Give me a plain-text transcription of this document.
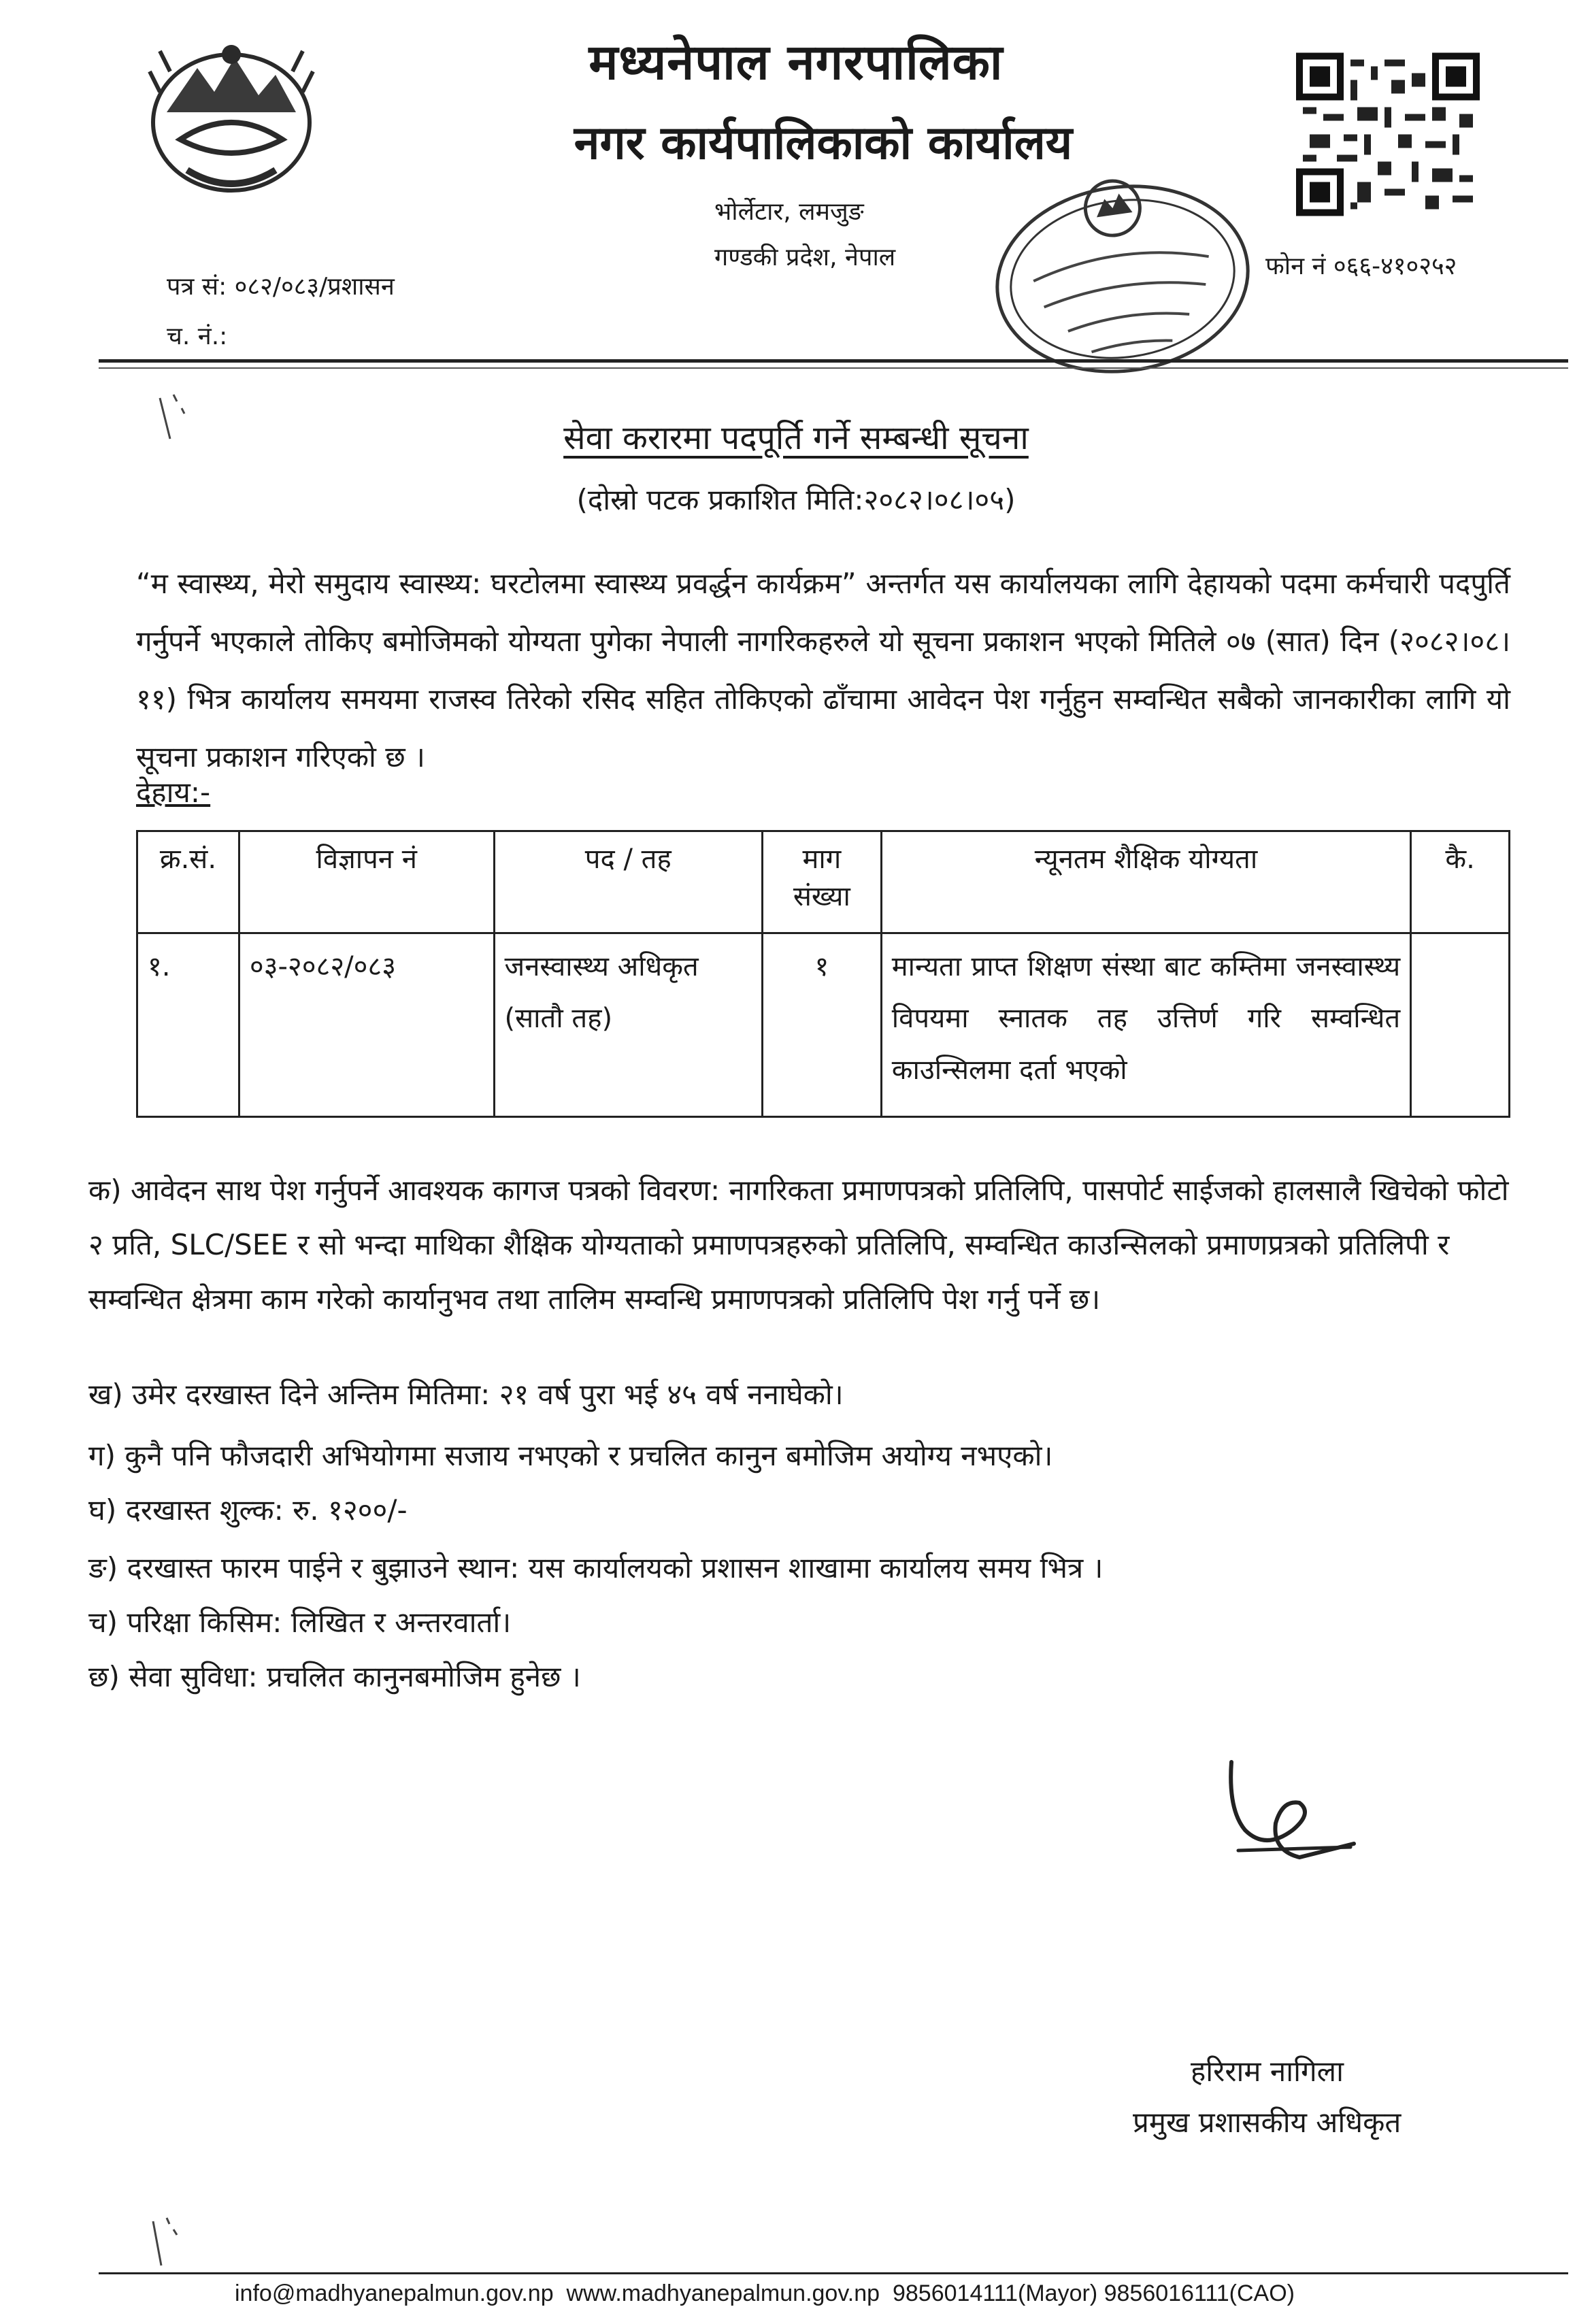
मध्यनेपाल नगरपालिका
नगर कार्यपालिकाको कार्यालय
भोर्लेटार, लमजुङ
गण्डकी प्रदेश, नेपाल
पत्र सं: ०८२/०८३/प्रशासन
च. नं.:
फोन नं ०६६-४१०२५२
सेवा करारमा पदपूर्ति गर्ने सम्बन्धी सूचना
(दोस्रो पटक प्रकाशित मिति:२०८२।०८।०५)
“म स्वास्थ्य, मेरो समुदाय स्वास्थ्य: घरटोलमा स्वास्थ्य प्रवर्द्धन कार्यक्रम” अन्तर्गत यस कार्यालयका लागि देहायको पदमा कर्मचारी पदपुर्ति गर्नुपर्ने भएकाले तोकिए बमोजिमको योग्यता पुगेका नेपाली नागरिकहरुले यो सूचना प्रकाशन भएको मितिले ०७ (सात) दिन (२०८२।०८।११) भित्र कार्यालय समयमा राजस्व तिरेको रसिद सहित तोकिएको ढाँचामा आवेदन पेश गर्नुहुन सम्वन्धित सबैको जानकारीका लागि यो सूचना प्रकाशन गरिएको छ ।
देहाय:-
क्र.सं.	विज्ञापन नं	पद / तह	माग संख्या	न्यूनतम शैक्षिक योग्यता	कै.
१.	०३-२०८२/०८३	जनस्वास्थ्य अधिकृत (सातौ तह)	१	मान्यता प्राप्त शिक्षण संस्था बाट कम्तिमा जनस्वास्थ्य विपयमा स्नातक तह उत्तिर्ण गरि सम्वन्धित काउन्सिलमा दर्ता भएको	
क) आवेदन साथ पेश गर्नुपर्ने आवश्यक कागज पत्रको विवरण: नागरिकता प्रमाणपत्रको प्रतिलिपि, पासपोर्ट साईजको हालसालै खिचेको फोटो २ प्रति, SLC/SEE र सो भन्दा माथिका शैक्षिक योग्यताको प्रमाणपत्रहरुको प्रतिलिपि, सम्वन्धित काउन्सिलको प्रमाणप्रत्रको प्रतिलिपी र सम्वन्धित क्षेत्रमा काम गरेको कार्यानुभव तथा तालिम सम्वन्धि प्रमाणपत्रको प्रतिलिपि पेश गर्नु पर्ने छ।
ख) उमेर दरखास्त दिने अन्तिम मितिमा: २१ वर्ष पुरा भई ४५ वर्ष ननाघेको।
ग) कुनै पनि फौजदारी अभियोगमा सजाय नभएको र प्रचलित कानुन बमोजिम अयोग्य नभएको।
घ) दरखास्त शुल्क: रु. १२००/-
ङ) दरखास्त फारम पाईने र बुझाउने स्थान: यस कार्यालयको प्रशासन शाखामा कार्यालय समय भित्र ।
च) परिक्षा किसिम: लिखित र अन्तरवार्ता।
छ) सेवा सुविधा: प्रचलित कानुनबमोजिम हुनेछ ।
हरिराम नागिला
प्रमुख प्रशासकीय अधिकृत
info@madhyanepalmun.gov.np www.madhyanepalmun.gov.np 9856014111(Mayor) 9856016111(CAO)
